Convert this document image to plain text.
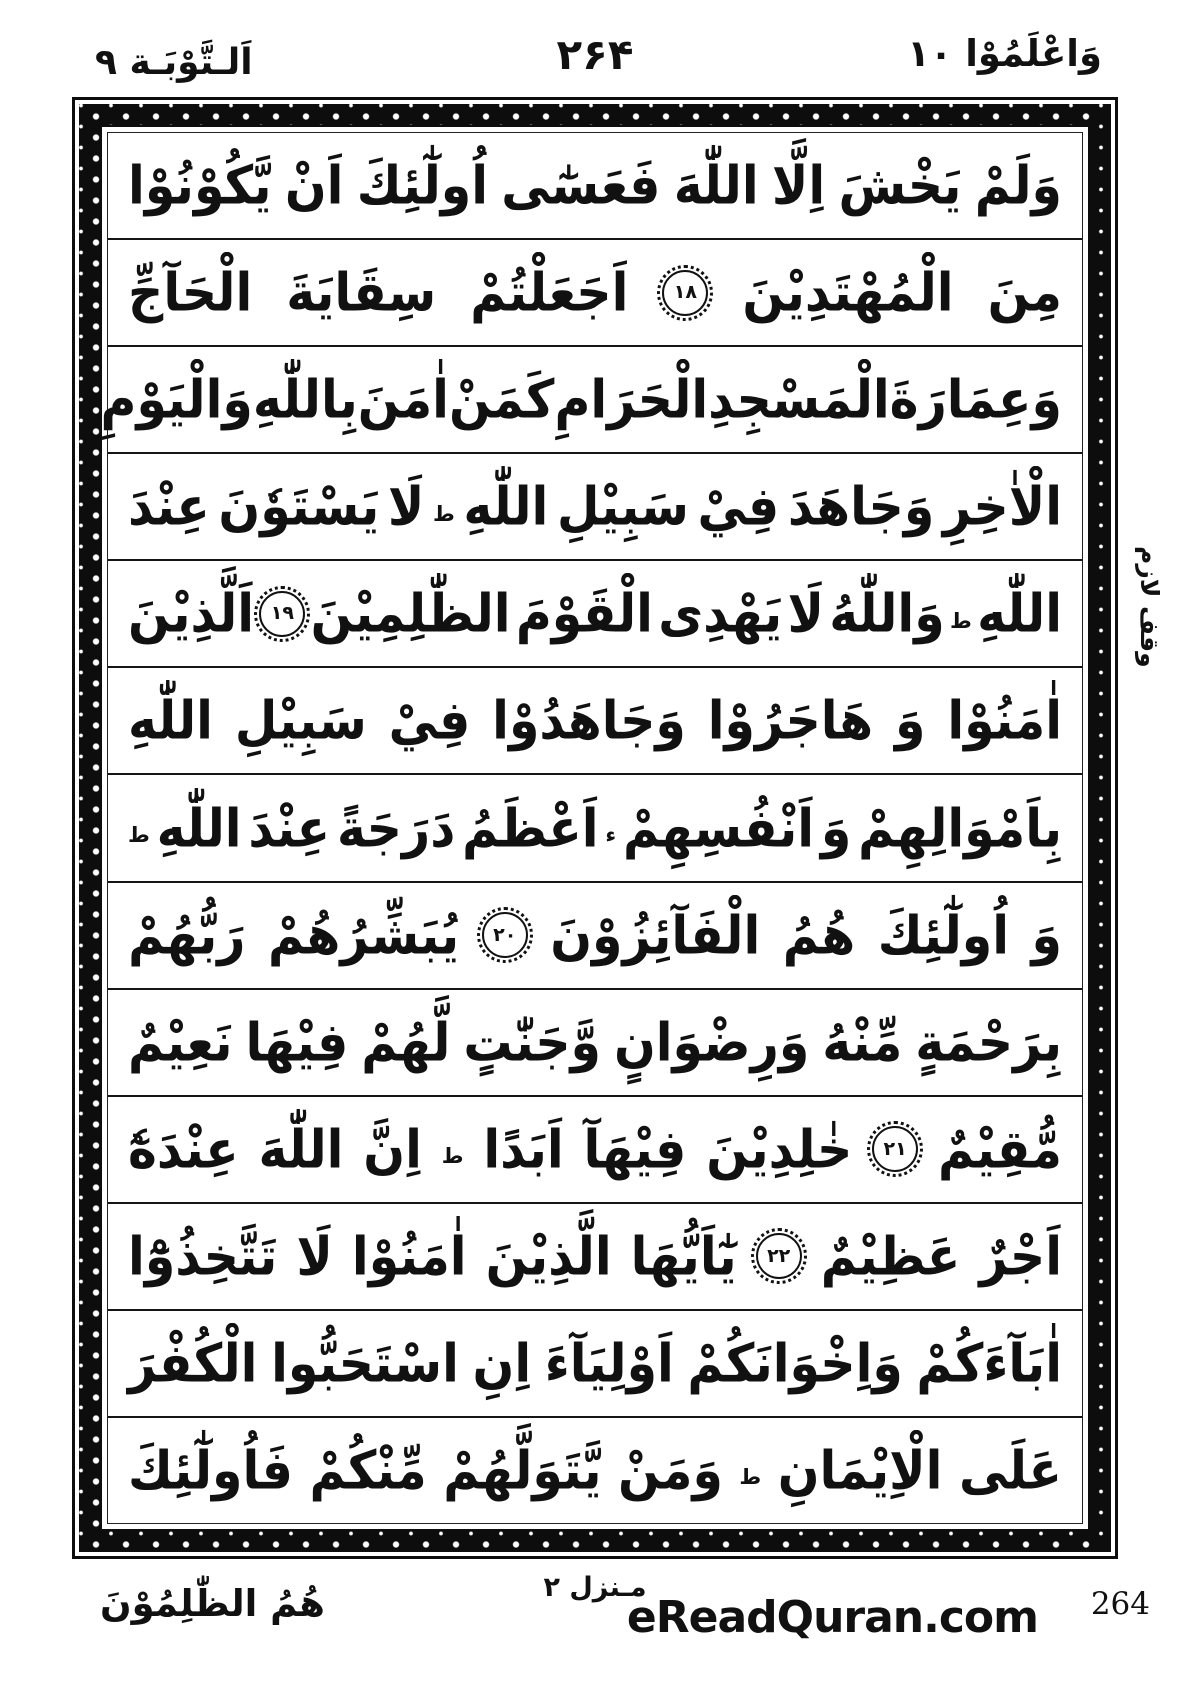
اَلـتَّوْبَـة ٩	۲۶۴	وَاعْلَمُوْا ١٠
وَلَمْ
يَخْشَ
اِلَّا
اللّٰهَ
فَعَسٰٓى
اُولٰٓئِكَ
اَنْ
يَّكُوْنُوْا
مِنَ
الْمُهْتَدِيْنَ
۱۸
اَجَعَلْتُمْ
سِقَايَةَ
الْحَآجِّ
وَعِمَارَةَ
الْمَسْجِدِ
الْحَرَامِ
كَمَنْ
اٰمَنَ
بِاللّٰهِ
وَالْيَوْمِ
الْاٰخِرِ
وَجَاهَدَ
فِيْ
سَبِيْلِ
اللّٰهِ
ط
لَا
يَسْتَوٗنَ
عِنْدَ
اللّٰهِ
ط
وَاللّٰهُ
لَا
يَهْدِى
الْقَوْمَ
الظّٰلِمِيْنَ
۱۹
اَلَّذِيْنَ
اٰمَنُوْا
وَ
هَاجَرُوْا
وَجَاهَدُوْا
فِيْ
سَبِيْلِ
اللّٰهِ
بِاَمْوَالِهِمْ
وَ
اَنْفُسِهِمْ
ء
اَعْظَمُ
دَرَجَةً
عِنْدَ
اللّٰهِ
ط
وَ
اُولٰٓئِكَ
هُمُ
الْفَآئِزُوْنَ
۲۰
يُبَشِّرُهُمْ
رَبُّهُمْ
بِرَحْمَةٍ
مِّنْهُ
وَرِضْوَانٍ
وَّجَنّٰتٍ
لَّهُمْ
فِيْهَا
نَعِيْمٌ
مُّقِيْمٌ
۲۱
خٰلِدِيْنَ
فِيْهَآ
اَبَدًا
ط
اِنَّ
اللّٰهَ
عِنْدَهٗٓ
اَجْرٌ
عَظِيْمٌ
۲۲
يٰٓاَيُّهَا
الَّذِيْنَ
اٰمَنُوْا
لَا
تَتَّخِذُوْٓا
اٰبَآءَكُمْ
وَاِخْوَانَكُمْ
اَوْلِيَآءَ
اِنِ
اسْتَحَبُّوا
الْكُفْرَ
عَلَى
الْاِيْمَانِ
ط
وَمَنْ
يَّتَوَلَّهُمْ
مِّنْكُمْ
فَاُولٰٓئِكَ
وقف لازم
هُمُ الظّٰلِمُوْنَ	مـنزل ٢
eReadQuran.com 264
